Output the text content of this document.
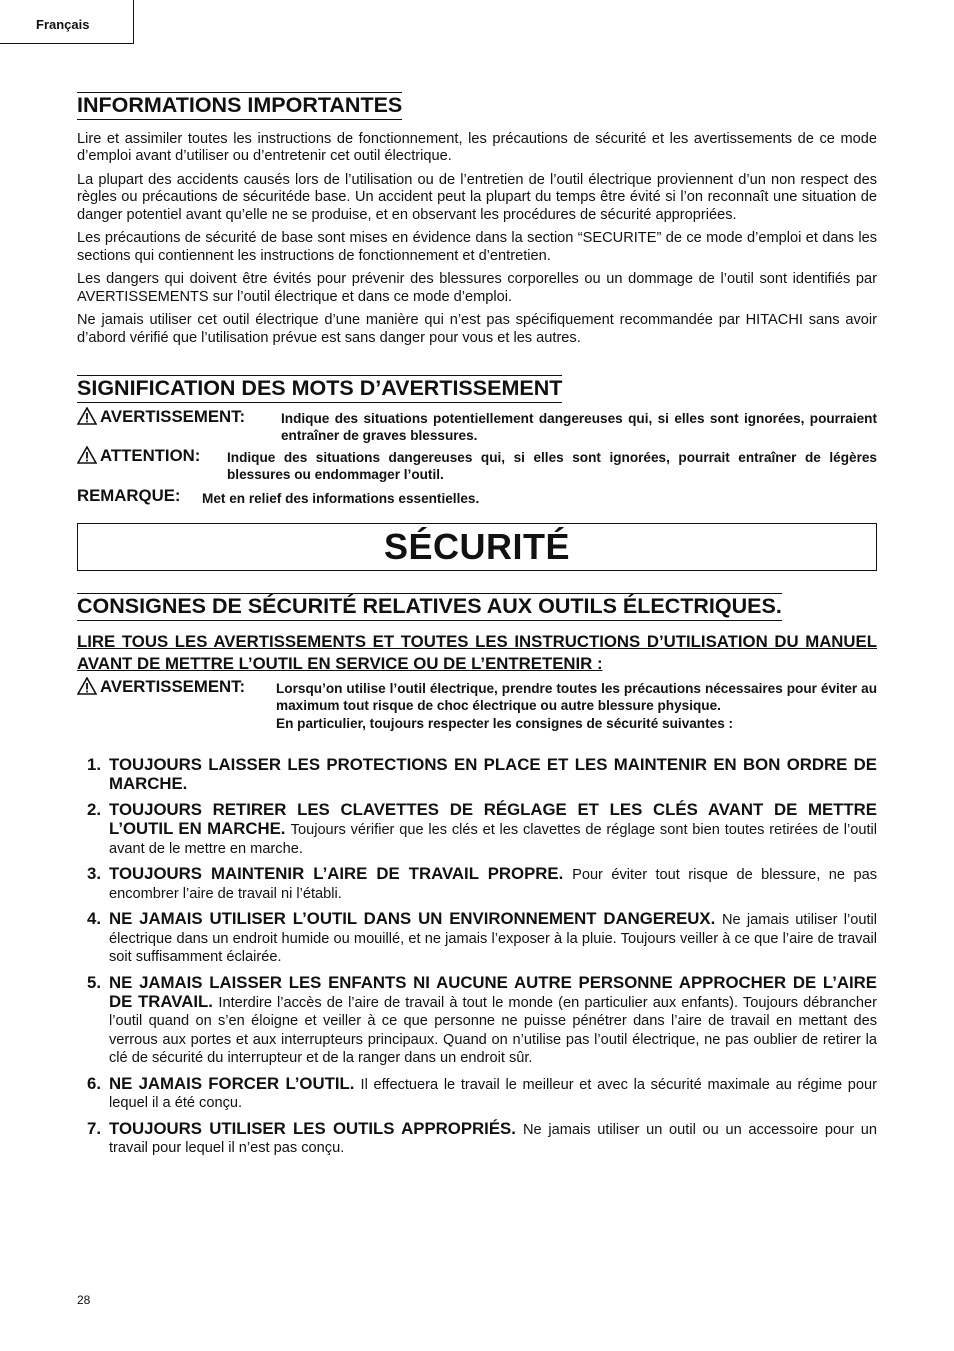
Français
INFORMATIONS IMPORTANTES

Lire et assimiler toutes les instructions de fonctionnement, les précautions de sécurité et les avertissements de ce mode d’emploi avant d’utiliser ou d’entretenir cet outil électrique.

La plupart des accidents causés lors de l’utilisation ou de l’entretien de l’outil électrique proviennent d’un non respect des règles ou précautions de sécuritéde base. Un accident peut la plupart du temps être évité si l’on reconnaît une situation de danger potentiel avant qu’elle ne se produise, et en observant les procédures de sécurité appropriées.

Les précautions de sécurité de base sont mises en évidence dans la section “SECURITE” de ce mode d’emploi et dans les sections qui contiennent les instructions de fonctionnement et d’entretien.

Les dangers qui doivent être évités pour prévenir des blessures corporelles ou un dommage de l’outil sont identifiés par AVERTISSEMENTS sur l’outil électrique et dans ce mode d’emploi.

Ne jamais utiliser cet outil électrique d’une manière qui n’est pas spécifiquement recommandée par HITACHI sans avoir d’abord vérifié que l’utilisation prévue est sans danger pour vous et les autres.

SIGNIFICATION DES MOTS D’AVERTISSEMENT
AVERTISSEMENT:	Indique des situations potentiellement dangereuses qui, si elles sont ignorées, pourraient entraîner de graves blessures.
ATTENTION: Indique des situations dangereuses qui, si elles sont ignorées, pourrait entraîner de légères blessures ou endommager l’outil.
REMARQUE: Met en relief des informations essentielles.
SÉCURITÉ
CONSIGNES DE SÉCURITÉ RELATIVES AUX OUTILS ÉLECTRIQUES.
LIRE TOUS LES AVERTISSEMENTS ET TOUTES LES INSTRUCTIONS D’UTILISATION DU MANUEL AVANT DE METTRE L’OUTIL EN SERVICE OU DE L’ENTRETENIR :
AVERTISSEMENT: Lorsqu’on utilise l’outil électrique, prendre toutes les précautions nécessaires pour éviter au maximum tout risque de choc électrique ou autre blessure physique.
En particulier, toujours respecter les consignes de sécurité suivantes :
1. TOUJOURS LAISSER LES PROTECTIONS EN PLACE ET LES MAINTENIR EN BON ORDRE DE MARCHE.
2. TOUJOURS RETIRER LES CLAVETTES DE RÉGLAGE ET LES CLÉS AVANT DE METTRE L’OUTIL EN MARCHE. Toujours vérifier que les clés et les clavettes de réglage sont bien toutes retirées de l’outil avant de le mettre en marche.
3. TOUJOURS MAINTENIR L’AIRE DE TRAVAIL PROPRE. Pour éviter tout risque de blessure, ne pas encombrer l’aire de travail ni l’établi.
4. NE JAMAIS UTILISER L’OUTIL DANS UN ENVIRONNEMENT DANGEREUX. Ne jamais utiliser l’outil électrique dans un endroit humide ou mouillé, et ne jamais l’exposer à la pluie. Toujours veiller à ce que l’aire de travail soit suffisamment éclairée.
5. NE JAMAIS LAISSER LES ENFANTS NI AUCUNE AUTRE PERSONNE APPROCHER DE L’AIRE DE TRAVAIL. Interdire l’accès de l’aire de travail à tout le monde (en particulier aux enfants). Toujours débrancher l’outil quand on s’en éloigne et veiller à ce que personne ne puisse pénétrer dans l’aire de travail en mettant des verrous aux portes et aux interrupteurs principaux. Quand on n’utilise pas l’outil électrique, ne pas oublier de retirer la clé de sécurité du interrupteur et de la ranger dans un endroit sûr.
6. NE JAMAIS FORCER L’OUTIL. Il effectuera le travail le meilleur et avec la sécurité maximale au régime pour lequel il a été conçu.
7. TOUJOURS UTILISER LES OUTILS APPROPRIÉS. Ne jamais utiliser un outil ou un accessoire pour un travail pour lequel il n’est pas conçu.
28
